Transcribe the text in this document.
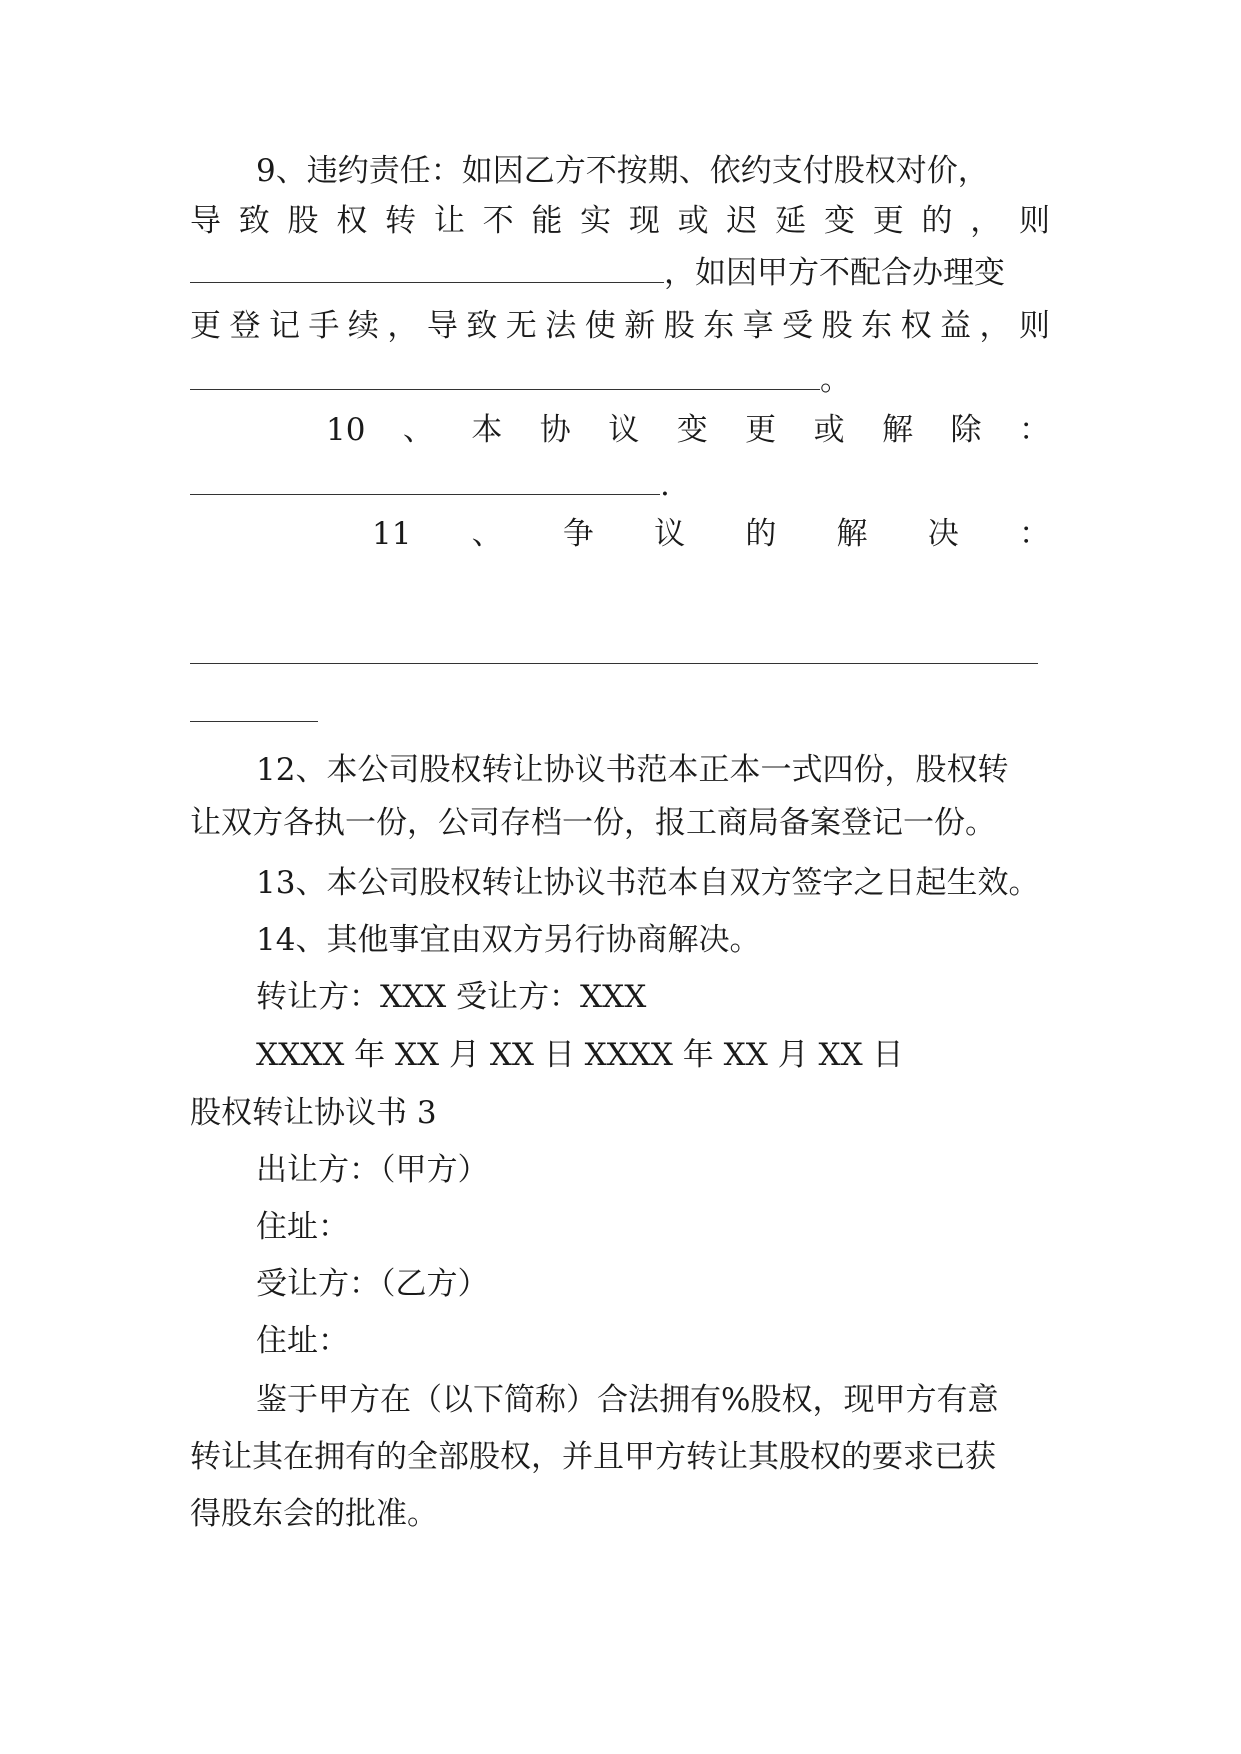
9、违约责任：如因乙方不按期、依约支付股权对价，
导致股权转让不能实现或迟延变更的，则
，如因甲方不配合办理变
更登记手续，导致无法使新股东享受股东权益，则
。
10、本协议变更或解除：
.
11、争议的解决：
12、本公司股权转让协议书范本正本一式四份，股权转
让双方各执一份，公司存档一份，报工商局备案登记一份。
13、本公司股权转让协议书范本自双方签字之日起生效。
14、其他事宜由双方另行协商解决。
转让方：XXX 受让方：XXX
XXXX 年 XX 月 XX 日 XXXX 年 XX 月 XX 日
股权转让协议书 3
出让方：（甲方）
住址：
受让方：（乙方）
住址：
鉴于甲方在（以下简称）合法拥有%股权，现甲方有意
转让其在拥有的全部股权，并且甲方转让其股权的要求已获
得股东会的批准。
